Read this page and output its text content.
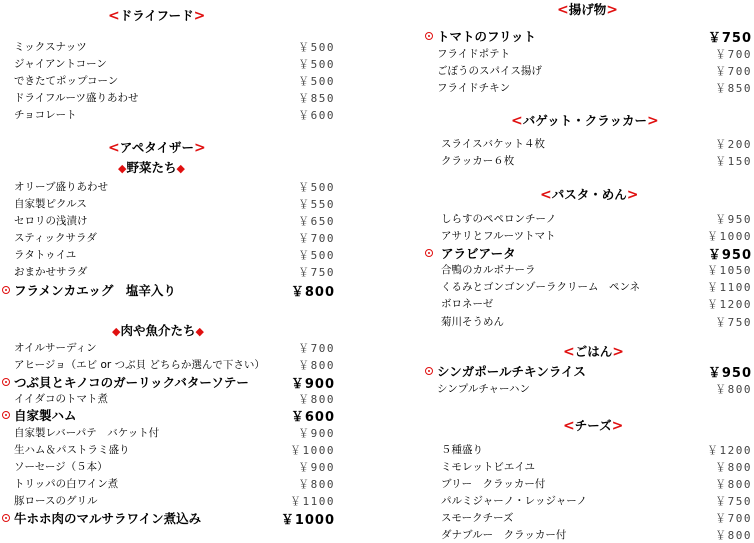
<ドライフード>
ミックスナッツ	￥500
ジャイアントコーン	￥500
できたてポップコーン	￥500
ドライフルーツ盛りあわせ	￥850
チョコレート	￥600
<アペタイザー>
◆野菜たち◆
オリーブ盛りあわせ	￥500
自家製ピクルス	￥550
セロリの浅漬け	￥650
スティックサラダ	￥700
ラタトゥイユ	￥500
おまかせサラダ	￥750
フラメンカエッグ　塩辛入り	￥800
◆肉や魚介たち◆
オイルサーディン	￥700
アヒージョ（エビ or つぶ貝 どちらか選んで下さい）	￥800
つぶ貝とキノコのガーリックバターソテー	￥900
イイダコのトマト煮	￥800
自家製ハム	￥600
自家製レバーパテ　バケット付	￥900
生ハム＆パストラミ盛り	￥1000
ソーセージ（５本）	￥900
トリッパの白ワイン煮	￥800
豚ロースのグリル	￥1100
牛ホホ肉のマルサラワイン煮込み	￥1000
<揚げ物>
トマトのフリット	￥750
フライドポテト	￥700
ごぼうのスパイス揚げ	￥700
フライドチキン	￥850
<バゲット・クラッカー>
スライスバケット４枚	￥200
クラッカー６枚	￥150
<パスタ・めん>
しらすのペペロンチーノ	￥950
アサリとフルーツトマト	￥1000
アラビアータ	￥950
合鴨のカルボナーラ	￥1050
くるみとゴンゴンゾーラクリーム　ペンネ	￥1100
ボロネーゼ	￥1200
菊川そうめん	￥750
<ごはん>
シンガポールチキンライス	￥950
シンプルチャーハン	￥800
<チーズ>
５種盛り	￥1200
ミモレットビエイユ	￥800
ブリー　クラッカー付	￥800
パルミジャーノ・レッジャーノ	￥750
スモークチーズ	￥700
ダナブルー　クラッカー付	￥800
